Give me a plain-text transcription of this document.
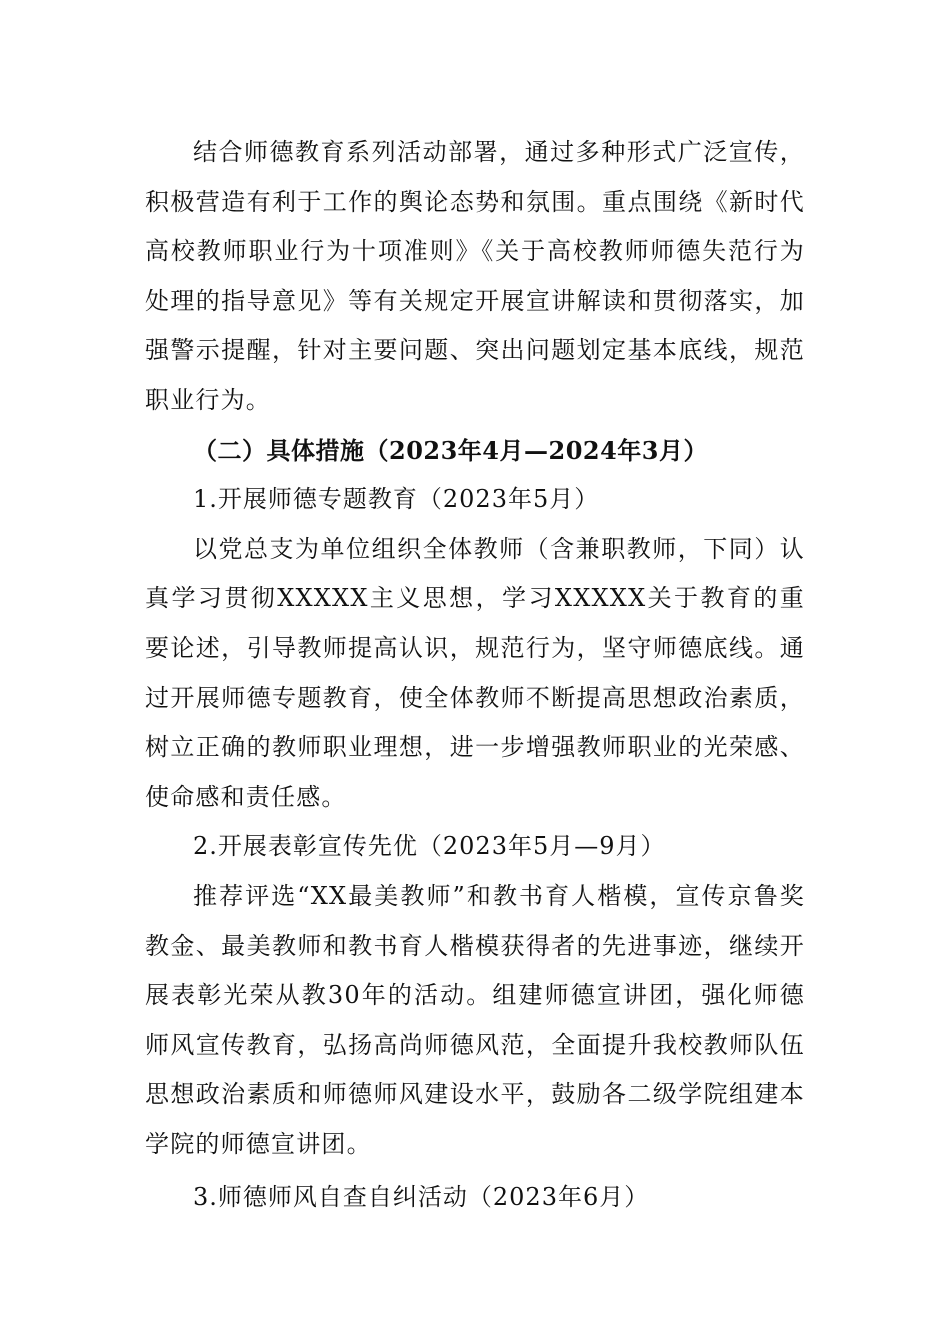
结合师德教育系列活动部署，通过多种形式广泛宣传，积极营造有利于工作的舆论态势和氛围。重点围绕《新时代高校教师职业行为十项准则》《关于高校教师师德失范行为处理的指导意见》等有关规定开展宣讲解读和贯彻落实，加强警示提醒，针对主要问题、突出问题划定基本底线，规范职业行为。

（二）具体措施（2023年4月—2024年3月）

1.开展师德专题教育（2023年5月）

以党总支为单位组织全体教师（含兼职教师，下同）认真学习贯彻XXXXX主义思想，学习XXXXX关于教育的重要论述，引导教师提高认识，规范行为，坚守师德底线。通过开展师德专题教育，使全体教师不断提高思想政治素质，树立正确的教师职业理想，进一步增强教师职业的光荣感、使命感和责任感。

2.开展表彰宣传先优（2023年5月—9月）

推荐评选“XX最美教师”和教书育人楷模，宣传京鲁奖教金、最美教师和教书育人楷模获得者的先进事迹，继续开展表彰光荣从教30年的活动。组建师德宣讲团，强化师德师风宣传教育，弘扬高尚师德风范，全面提升我校教师队伍思想政治素质和师德师风建设水平，鼓励各二级学院组建本学院的师德宣讲团。

3.师德师风自查自纠活动（2023年6月）
